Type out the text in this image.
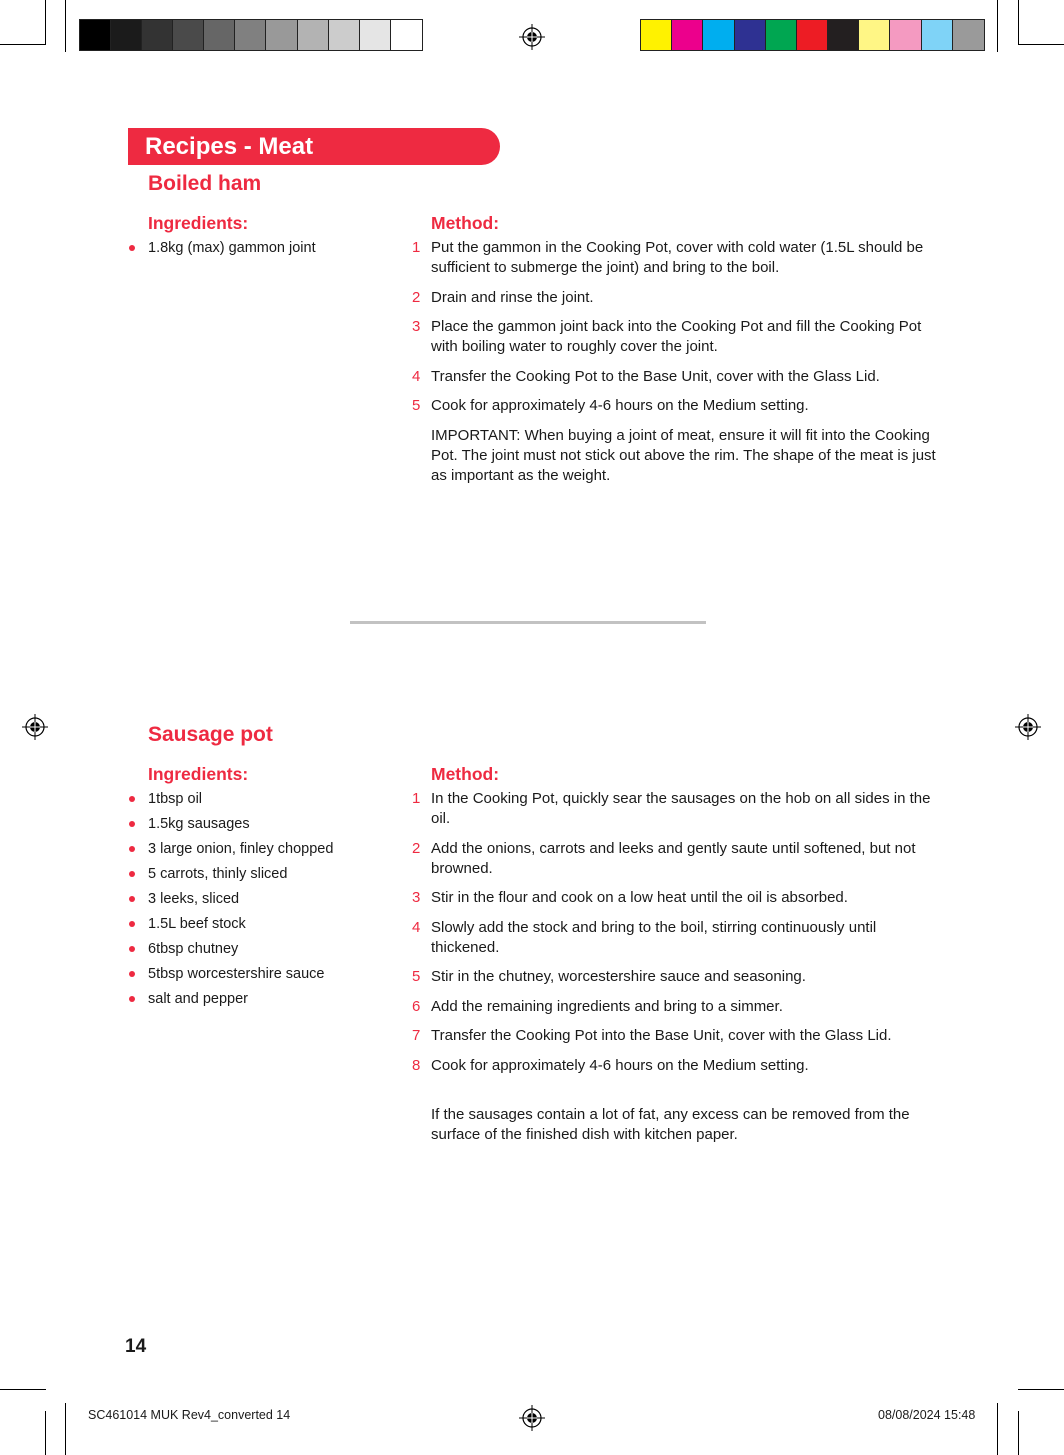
Recipes - Meat
Boiled ham
Ingredients:	Method:
1.8kg (max) gammon joint	1 Put the gammon in the Cooking Pot, cover with cold water (1.5L should be sufficient to submerge the joint) and bring to the boil.
2 Drain and rinse the joint.
3 Place the gammon joint back into the Cooking Pot and fill the Cooking Pot with boiling water to roughly cover the joint.
4 Transfer the Cooking Pot to the Base Unit, cover with the Glass Lid.
5 Cook for approximately 4-6 hours on the Medium setting.
IMPORTANT: When buying a joint of meat, ensure it will fit into the Cooking Pot. The joint must not stick out above the rim. The shape of the meat is just as important as the weight.
Sausage pot
Ingredients:	Method:
1tbsp oil
1.5kg sausages
3 large onion, finley chopped
5 carrots, thinly sliced
3 leeks, sliced
1.5L beef stock
6tbsp chutney
5tbsp worcestershire sauce
salt and pepper
1 In the Cooking Pot, quickly sear the sausages on the hob on all sides in the oil.
2 Add the onions, carrots and leeks and gently saute until softened, but not browned.
3 Stir in the flour and cook on a low heat until the oil is absorbed.
4 Slowly add the stock and bring to the boil, stirring continuously until thickened.
5 Stir in the chutney, worcestershire sauce and seasoning.
6 Add the remaining ingredients and bring to a simmer.
7 Transfer the Cooking Pot into the Base Unit, cover with the Glass Lid.
8 Cook for approximately 4-6 hours on the Medium setting.
If the sausages contain a lot of fat, any excess can be removed from the surface of the finished dish with kitchen paper.
14
SC461014 MUK Rev4_converted 14	08/08/2024 15:48
